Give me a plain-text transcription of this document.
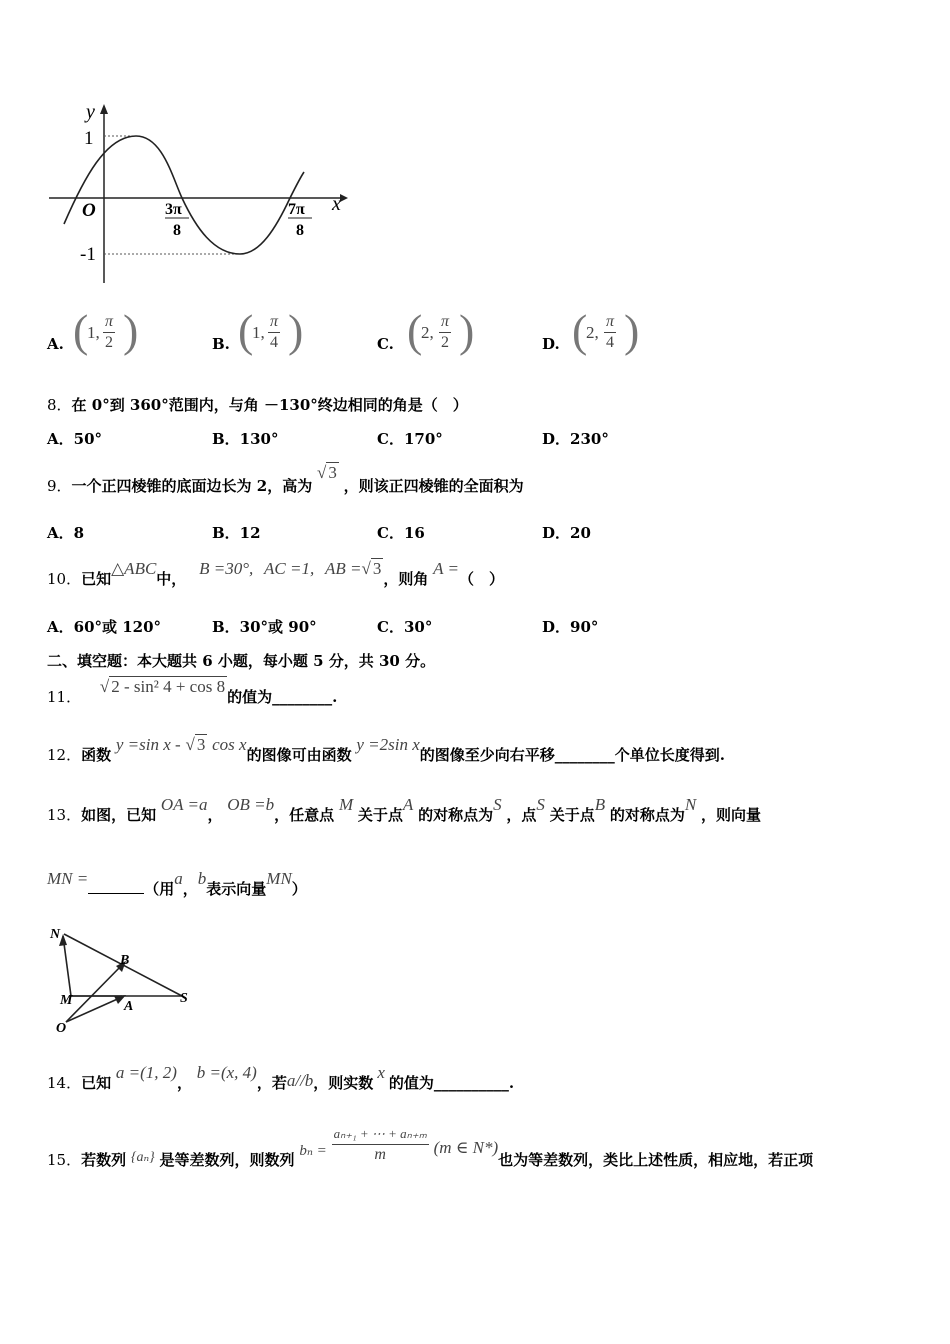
y
x
O
1
-1
3π
8
7π
8
A. (
1, $\frac{\pi}{2}$ )	B. (
1, $\frac{\pi}{4}$ )	C. (
2, $\frac{\pi}{2}$ )	D. (
2, $\frac{\pi}{4}$ )
8．在 0°到 360°范围内，与角 －130°终边相同的角是（　）
A．50°	B．130°	C．170°	D．230°
9．一个正四棱锥的底面边长为 2，高为 √ 3 ，则该正四棱锥的全面积为
A．8	B．12	C．16	D．20
10．已知△ABC中， B =30°, AC =1, AB =√ 3，则角 A =（　）
A．60°或 120°	B．30°或 90°	C．30°	D．90°
二、填空题：本大题共 6 小题，每小题 5 分，共 30 分。
11． √ 2 - sin² 4 + cos 8的值为________.
12．函数 y =sin x - √ 3 cos x的图像可由函数 y =2sin x的图像至少向右平移________个单位长度得到.
13．如图，已知 OA =a， OB =b，任意点 M 关于点A 的对称点为S ，点S 关于点B 的对称点为N ，则向量
MN =（用a，b表示向量MN）
N
B
M	A
S
O
14．已知 a =(1, 2)， b =(x, 4)，若a//b，则实数x的值为__________.
15．若数列 {aₙ} 是等差数列，则数列 $b_n = \frac{\text{aₙ₊₁ + ⋯ + aₙ₊ₘ}}{m} (m$ ∈ N*)也为等差数列，类比上述性质，相应地，若正项
